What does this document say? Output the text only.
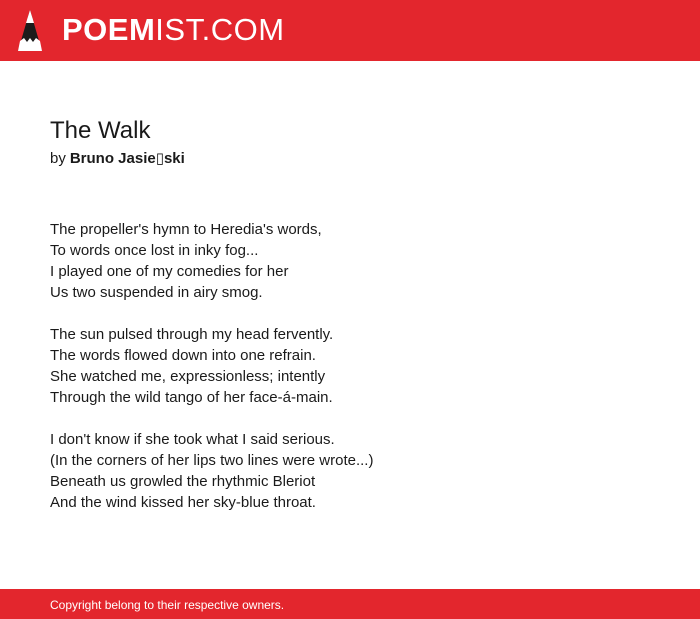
POEMIST.COM
The Walk
by Bruno Jasie▯ski
The propeller's hymn to Heredia's words,
To words once lost in inky fog...
I played one of my comedies for her
Us two suspended in airy smog.
The sun pulsed through my head fervently.
The words flowed down into one refrain.
She watched me, expressionless; intently
Through the wild tango of her face-á-main.
I don't know if she took what I said serious.
(In the corners of her lips two lines were wrote...)
Beneath us growled the rhythmic Bleriot
And the wind kissed her sky-blue throat.
Copyright belong to their respective owners.
